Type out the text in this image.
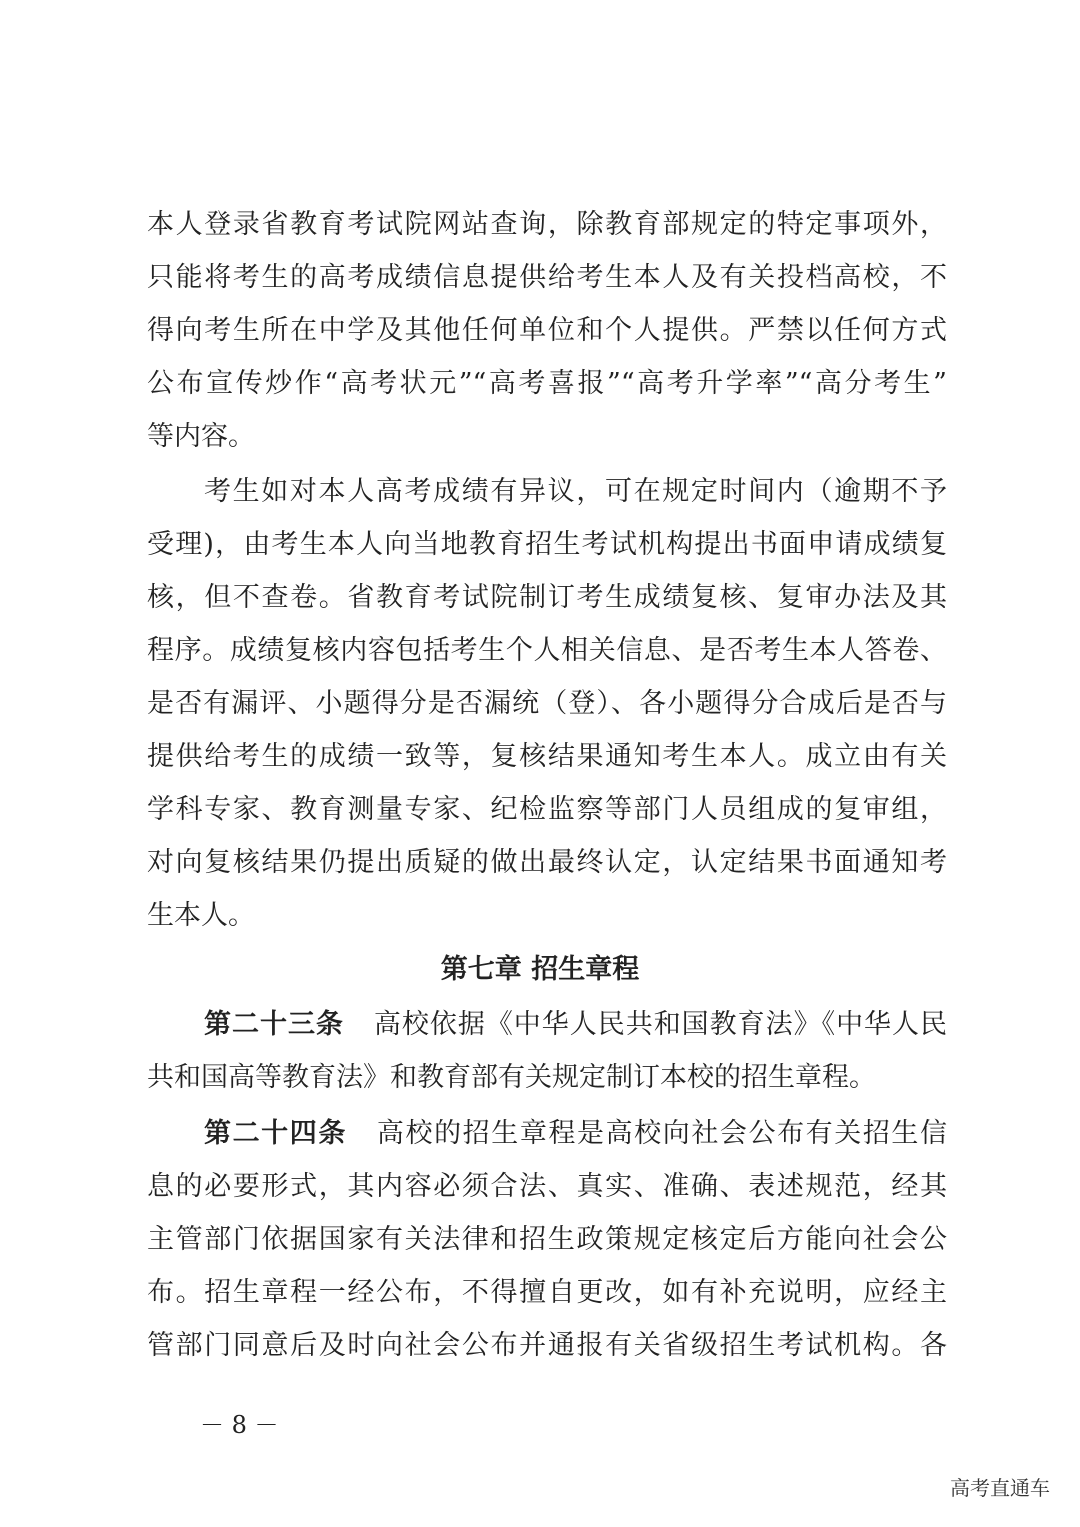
本人登录省教育考试院网站查询，除教育部规定的特定事项外，
只能将考生的高考成绩信息提供给考生本人及有关投档高校，不
得向考生所在中学及其他任何单位和个人提供。严禁以任何方式
公布宣传炒作“高考状元”“高考喜报”“高考升学率”“高分考生”
等内容。
考生如对本人高考成绩有异议，可在规定时间内（逾期不予
受理)，由考生本人向当地教育招生考试机构提出书面申请成绩复
核，但不查卷。省教育考试院制订考生成绩复核、复审办法及其
程序。成绩复核内容包括考生个人相关信息、是否考生本人答卷、
是否有漏评、小题得分是否漏统（登）、各小题得分合成后是否与
提供给考生的成绩一致等，复核结果通知考生本人。成立由有关
学科专家、教育测量专家、纪检监察等部门人员组成的复审组，
对向复核结果仍提出质疑的做出最终认定，认定结果书面通知考
生本人。
第七章 招生章程
第二十三条 高校依据《中华人民共和国教育法》《中华人民
共和国高等教育法》和教育部有关规定制订本校的招生章程。
第二十四条 高校的招生章程是高校向社会公布有关招生信
息的必要形式，其内容必须合法、真实、准确、表述规范，经其
主管部门依据国家有关法律和招生政策规定核定后方能向社会公
布。招生章程一经公布，不得擅自更改，如有补充说明，应经主
管部门同意后及时向社会公布并通报有关省级招生考试机构。各
－ 8 －
高考直通车
